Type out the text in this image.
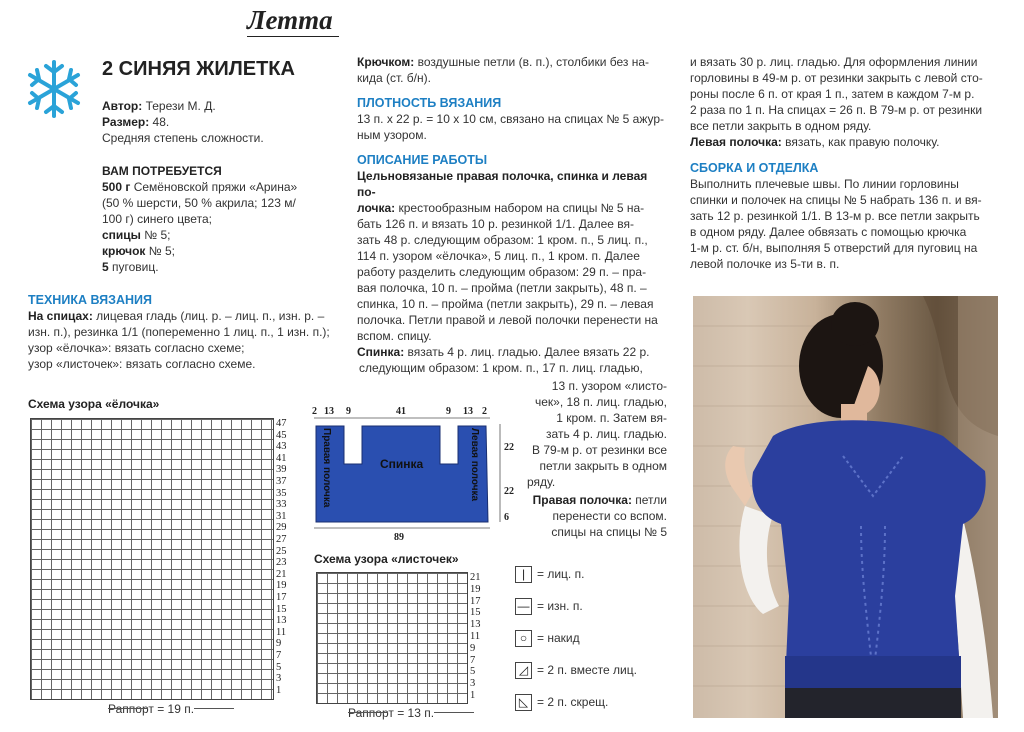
Летта
2 СИНЯЯ ЖИЛЕТКА

Автор: Терези М. Д.

Размер: 48.

Средняя степень сложности.

ВАМ ПОТРЕБУЕТСЯ

500 г Семёновской пряжи «Арина»

(50 % шерсти, 50 % акрила; 123 м/

100 г) синего цвета;

спицы № 5;

крючок № 5;

5 пуговиц.

ТЕХНИКА ВЯЗАНИЯ

На спицах: лицевая гладь (лиц. р. – лиц. п., изн. р. –

изн. п.), резинка 1/1 (попеременно 1 лиц. п., 1 изн. п.);

узор «ёлочка»: вязать согласно схеме;

узор «листочек»: вязать согласно схеме.

Схема узора «ёлочка»
47
45
43
41
39
37
35
33
31
29
27
25
23
21
19
17
15
13
11
9
7
5
3
1
Раппорт = 19 п.

Крючком: воздушные петли (в. п.), столбики без на-

кида (ст. б/н).

ПЛОТНОСТЬ ВЯЗАНИЯ

13 п. х 22 р. = 10 х 10 см, связано на спицах № 5 ажур-

ным узором.

ОПИСАНИЕ РАБОТЫ

Цельновязаные правая полочка, спинка и левая по-

лочка: крестообразным набором на спицы № 5 на-

бать 126 п. и вязать 10 р. резинкой 1/1. Далее вя-

зать 48 р. следующим образом: 1 кром. п., 5 лиц. п.,

114 п. узором «ёлочка», 5 лиц. п., 1 кром. п. Далее

работу разделить следующим образом: 29 п. – пра-

вая полочка, 10 п. – пройма (петли закрыть), 48 п. –

спинка, 10 п. – пройма (петли закрыть), 29 п. – левая

полочка. Петли правой и левой полочки перенести на

вспом. спицу.

Спинка: вязать 4 р. лиц. гладью. Далее вязать 22 р.

следующим образом: 1 кром. п., 17 п. лиц. гладью,

13 п. узором «листо-

чек», 18 п. лиц. гладью,

1 кром. п. Затем вя-

зать 4 р. лиц. гладью.

В 79-м р. от резинки все

петли закрыть в одном

ряду.

Правая полочка: петли

перенести со вспом.

спицы на спицы № 5

2 13 9	41	9 13 2
89
22
22
6
Спинка
Правая полочка	Левая полочка
Схема узора «листочек»
21
19
17
15
13
11
9
7
5
3
1
Раппорт = 13 п.
| = лиц. п.
— = изн. п.
○ = накид
◿ = 2 п. вместе лиц.
◺ = 2 п. скрещ.

и вязать 30 р. лиц. гладью. Для оформления линии

горловины в 49-м р. от резинки закрыть с левой сто-

роны после 6 п. от края 1 п., затем в каждом 7-м р.

2 раза по 1 п. На спицах = 26 п. В 79-м р. от резинки

все петли закрыть в одном ряду.

Левая полочка: вязать, как правую полочку.

СБОРКА И ОТДЕЛКА

Выполнить плечевые швы. По линии горловины

спинки и полочек на спицы № 5 набрать 136 п. и вя-

зать 12 р. резинкой 1/1. В 13-м р. все петли закрыть

в одном ряду. Далее обвязать с помощью крючка

1-м р. ст. б/н, выполняя 5 отверстий для пуговиц на

левой полочке из 5-ти в. п.
